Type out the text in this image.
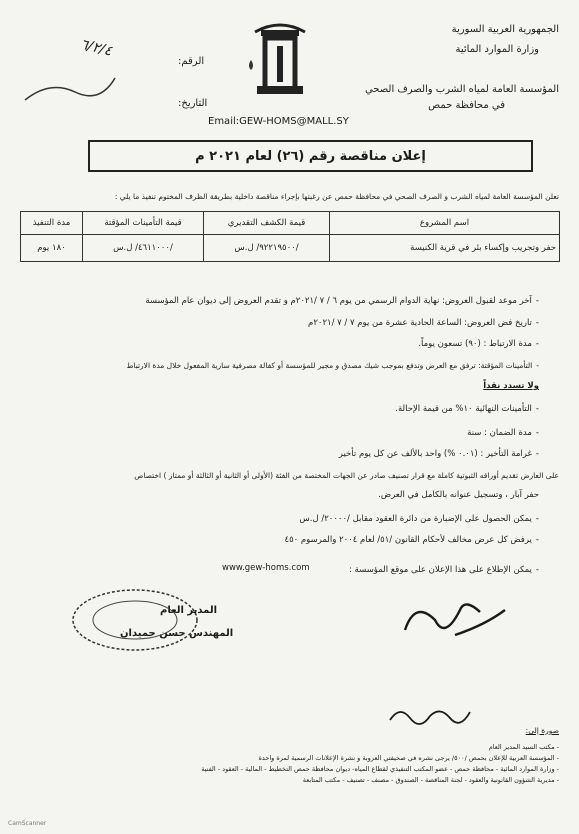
الجمهورية العربية السورية
وزارة الموارد المائية
المؤسسة العامة لمياه الشرب والصرف الصحي
في محافظة حمص
الرقم:
٦/٢/٤
التاريخ:
Email:GEW-HOMS@MALL.SY
إعلان مناقصة رقم (٢٦) لعام ٢٠٢١ م
تعلن المؤسسة العامة لمياه الشرب و الصرف الصحي في محافظة حمص عن رغبتها بإجراء مناقصة داخلية بطريقة الظرف المختوم تنفيذ ما يلي :
اسم المشروع	قيمة الكشف التقديري	قيمة التأمينات المؤقتة	مدة التنفيذ
حفر وتجريب وإكساء بئر في قرية الكنيسة	/٩٢٢١٩٥٠٠/ ل.س	/٤٦١١٠٠٠/ ل.س	١٨٠ يوم
- آخر موعد لقبول العروض: نهاية الدوام الرسمي من يوم ٦ / ٧ /٢٠٢١م و تقدم العروض إلى ديوان عام المؤسسة
- تاريخ فض العروض: الساعة الحادية عشرة من يوم ٧ / ٧ /٢٠٢١م
- مدة الارتباط : (٩٠) تسعون يوماً.
- التأمينات المؤقتة: ترفق مع العرض وتدفع بموجب شيك مصدق و مجير للمؤسسة أو كفالة مصرفية سارية المفعول خلال مدة الارتباط
ولا تسدد نقداً
- التأمينات النهائية ١٠% من قيمة الإحالة.
- مدة الضمان : سنة
- غرامة التأخير : (٠.٠١ %) واحد بالألف عن كل يوم تأخير
على العارض تقديم أوراقه الثبوتية كاملة مع قرار تصنيف صادر عن الجهات المختصة من الفئة (الأولى أو الثانية أو الثالثة أو ممتاز ) اختصاص
حفر آبار ، وتسجيل عنوانه بالكامل في العرض.
- يمكن الحصول على الإضبارة من دائرة العقود مقابل /٢٠٠٠٠/ ل.س
- يرفض كل عرض مخالف لأحكام القانون /٥١/ لعام ٢٠٠٤ والمرسوم ٤٥٠
- يمكن الإطلاع على هذا الإعلان على موقع المؤسسة :
www.gew-homs.com
المدير العام
المهندس حسن حميدان
صورة إلى:
- مكتب السيد المدير العام
- المؤسسة العربية للإعلان بحمص /٥٠٠/ يرجى نشره في صحيفتي العروبة و نشرة الإعلانات الرسمية لمرة واحدة
- وزارة الموارد المائية - محافظة حمص - عضو المكتب التنفيذي لقطاع المياه- ديوان محافظة حمص التخطيط - المالية - العقود - الفنية
- مديرية الشؤون القانونية والعقود - لجنة المناقصة - الصندوق - مصنف - تصنيف - مكتب المتابعة
CamScanner
